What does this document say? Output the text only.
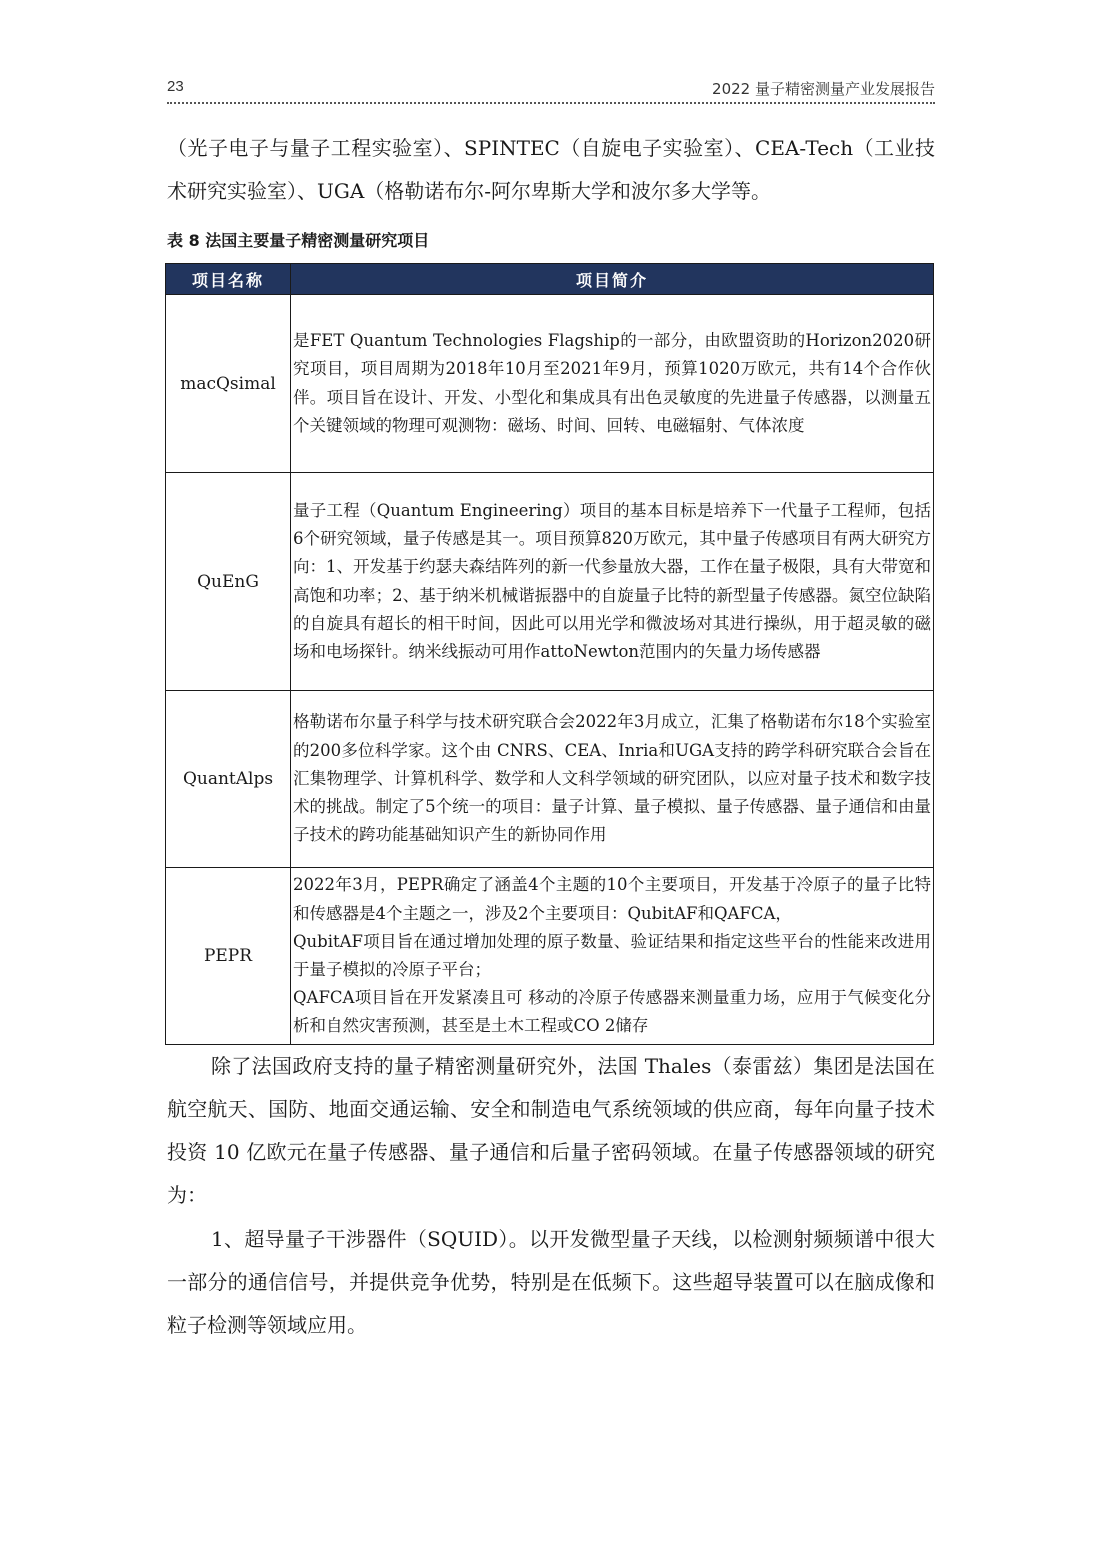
23	2022 量子精密测量产业发展报告

（光子电子与量子工程实验室）、SPINTEC（自旋电子实验室）、CEA-Tech（工业技术研究实验室）、UGA（格勒诺布尔-阿尔卑斯大学和波尔多大学等。

表 8 法国主要量子精密测量研究项目

项目名称	项目简介
macQsimal	是FET Quantum Technologies Flagship的一部分，由欧盟资助的Horizon2020研究项目，项目周期为2018年10月至2021年9月，预算1020万欧元，共有14个合作伙伴。项目旨在设计、开发、小型化和集成具有出色灵敏度的先进量子传感器，以测量五个关键领域的物理可观测物：磁场、时间、回转、电磁辐射、气体浓度

QuEnG	量子工程（Quantum Engineering）项目的基本目标是培养下一代量子工程师，包括6个研究领域，量子传感是其一。项目预算820万欧元，其中量子传感项目有两大研究方向：1、开发基于约瑟夫森结阵列的新一代参量放大器，工作在量子极限，具有大带宽和高饱和功率；2、基于纳米机械谐振器中的自旋量子比特的新型量子传感器。氮空位缺陷的自旋具有超长的相干时间，因此可以用光学和微波场对其进行操纵，用于超灵敏的磁场和电场探针。纳米线振动可用作attoNewton范围内的矢量力场传感器

QuantAlps	格勒诺布尔量子科学与技术研究联合会2022年3月成立，汇集了格勒诺布尔18个实验室的200多位科学家。这个由 CNRS、CEA、Inria和UGA支持的跨学科研究联合会旨在汇集物理学、计算机科学、数学和人文科学领域的研究团队，以应对量子技术和数字技术的挑战。制定了5个统一的项目：量子计算、量子模拟、量子传感器、量子通信和由量子技术的跨功能基础知识产生的新协同作用

PEPR	2022年3月，PEPR确定了涵盖4个主题的10个主要项目，开发基于冷原子的量子比特和传感器是4个主题之一，涉及2个主要项目：QubitAF和QAFCA，
QubitAF项目旨在通过增加处理的原子数量、验证结果和指定这些平台的性能来改进用于量子模拟的冷原子平台；
QAFCA项目旨在开发紧凑且可 移动的冷原子传感器来测量重力场，应用于气候变化分析和自然灾害预测，甚至是土木工程或CO 2储存

除了法国政府支持的量子精密测量研究外，法国 Thales（泰雷兹）集团是法国在航空航天、国防、地面交通运输、安全和制造电气系统领域的供应商，每年向量子技术投资 10 亿欧元在量子传感器、量子通信和后量子密码领域。在量子传感器领域的研究为：

1、超导量子干涉器件（SQUID）。以开发微型量子天线，以检测射频频谱中很大一部分的通信信号，并提供竞争优势，特别是在低频下。这些超导装置可以在脑成像和粒子检测等领域应用。
